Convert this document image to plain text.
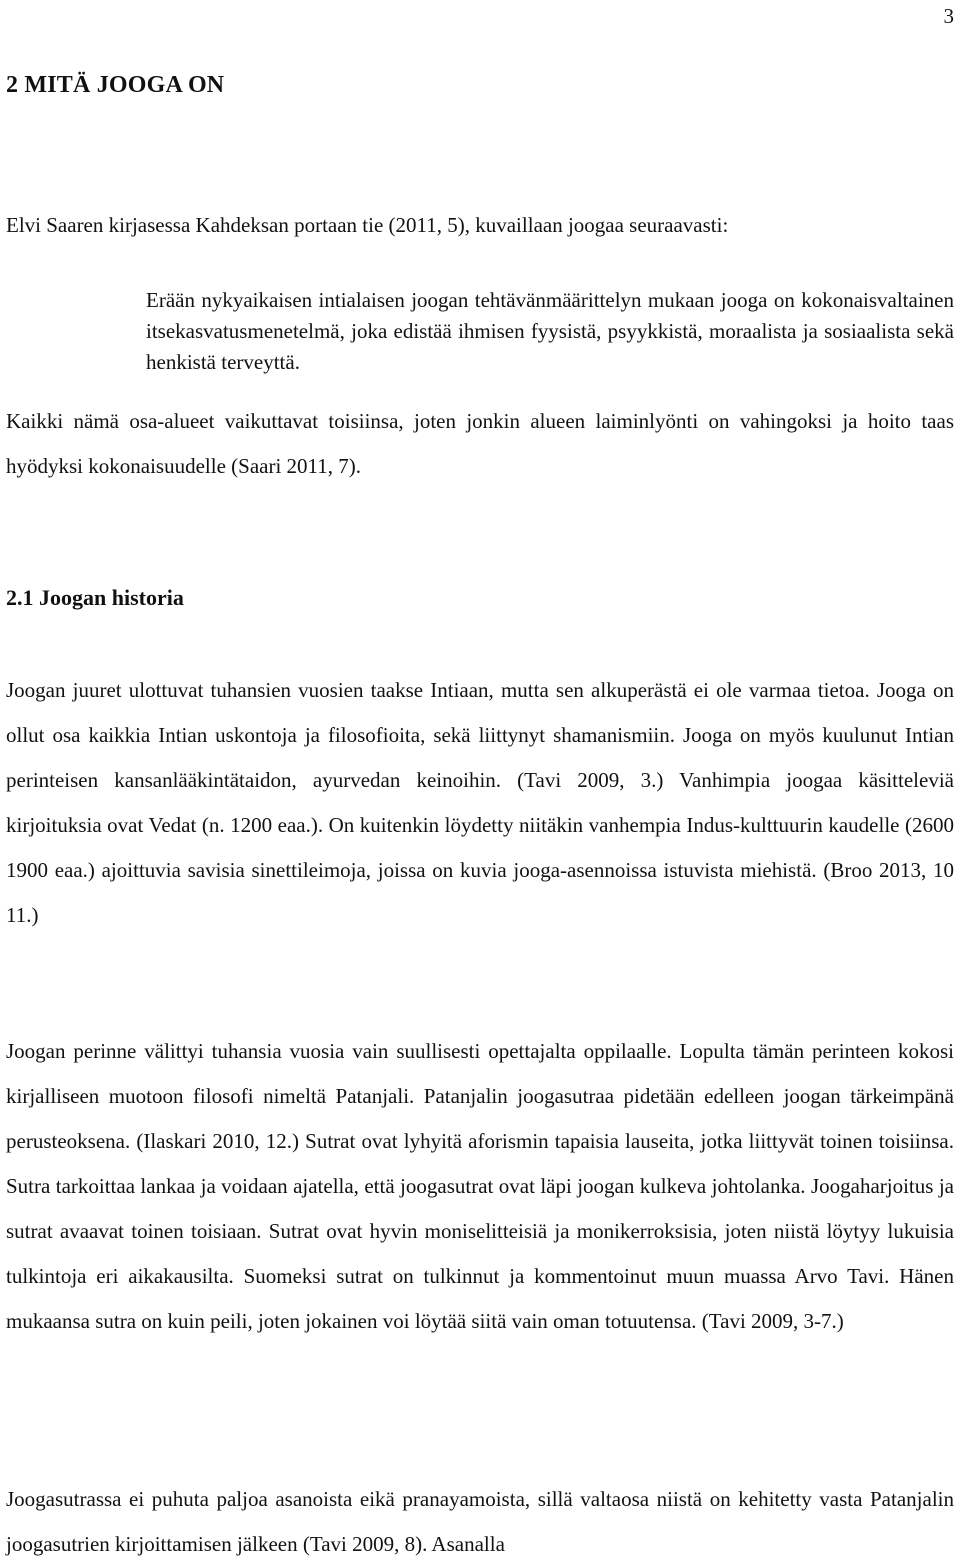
3
2 MITÄ JOOGA ON

Elvi Saaren kirjasessa Kahdeksan portaan tie (2011, 5), kuvaillaan joogaa seuraavasti:

Erään nykyaikaisen intialaisen joogan tehtävänmäärittelyn mukaan jooga on kokonaisvaltainen itsekasvatusmenetelmä, joka edistää ihmisen fyysistä, psyykkistä, moraalista ja sosiaalista sekä henkistä terveyttä.

Kaikki nämä osa-alueet vaikuttavat toisiinsa, joten jonkin alueen laiminlyönti on vahingoksi ja hoito taas hyödyksi kokonaisuudelle (Saari 2011, 7).

2.1 Joogan historia

Joogan juuret ulottuvat tuhansien vuosien taakse Intiaan, mutta sen alkuperästä ei ole varmaa tietoa. Jooga on ollut osa kaikkia Intian uskontoja ja filosofioita, sekä liittynyt shamanismiin. Jooga on myös kuulunut Intian perinteisen kansanlääkintätaidon, ayurvedan keinoihin. (Tavi 2009, 3.) Vanhimpia joogaa käsitteleviä kirjoituksia ovat Vedat (n. 1200 eaa.). On kuitenkin löydetty niitäkin vanhempia Indus-kulttuurin kaudelle (2600 1900 eaa.) ajoittuvia savisia sinettileimoja, joissa on kuvia jooga-asennoissa istuvista miehistä. (Broo 2013, 10 11.)

Joogan perinne välittyi tuhansia vuosia vain suullisesti opettajalta oppilaalle. Lopulta tämän perinteen kokosi kirjalliseen muotoon filosofi nimeltä Patanjali. Patanjalin joogasutraa pidetään edelleen joogan tärkeimpänä perusteoksena. (Ilaskari 2010, 12.) Sutrat ovat lyhyitä aforismin tapaisia lauseita, jotka liittyvät toinen toisiinsa. Sutra tarkoittaa lankaa ja voidaan ajatella, että joogasutrat ovat läpi joogan kulkeva johtolanka. Joogaharjoitus ja sutrat avaavat toinen toisiaan. Sutrat ovat hyvin moniselitteisiä ja monikerroksisia, joten niistä löytyy lukuisia tulkintoja eri aikakausilta. Suomeksi sutrat on tulkinnut ja kommentoinut muun muassa Arvo Tavi. Hänen mukaansa sutra on kuin peili, joten jokainen voi löytää siitä vain oman totuutensa. (Tavi 2009, 3-7.)

Joogasutrassa ei puhuta paljoa asanoista eikä pranayamoista, sillä valtaosa niistä on kehitetty vasta Patanjalin joogasutrien kirjoittamisen jälkeen (Tavi 2009, 8). Asanalla
